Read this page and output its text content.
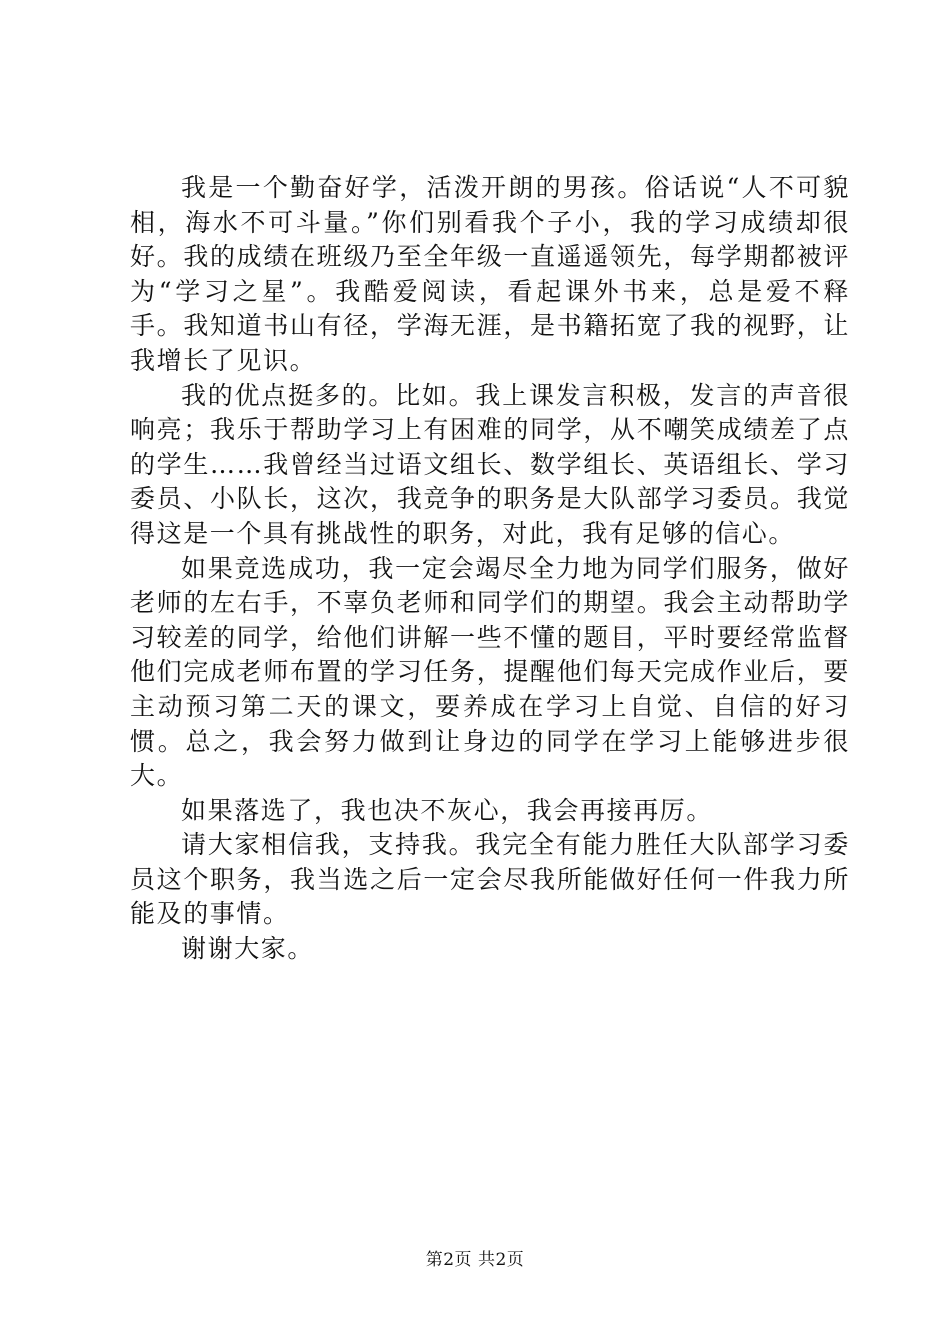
我是一个勤奋好学，活泼开朗的男孩。俗话说“人不可貌相，海水不可斗量。”你们别看我个子小，我的学习成绩却很好。我的成绩在班级乃至全年级一直遥遥领先，每学期都被评为“学习之星”。我酷爱阅读，看起课外书来，总是爱不释手。我知道书山有径，学海无涯，是书籍拓宽了我的视野，让我增长了见识。

我的优点挺多的。比如。我上课发言积极，发言的声音很响亮；我乐于帮助学习上有困难的同学，从不嘲笑成绩差了点的学生……我曾经当过语文组长、数学组长、英语组长、学习委员、小队长，这次，我竞争的职务是大队部学习委员。我觉得这是一个具有挑战性的职务，对此，我有足够的信心。

如果竞选成功，我一定会竭尽全力地为同学们服务，做好老师的左右手，不辜负老师和同学们的期望。我会主动帮助学习较差的同学，给他们讲解一些不懂的题目，平时要经常监督他们完成老师布置的学习任务，提醒他们每天完成作业后，要主动预习第二天的课文，要养成在学习上自觉、自信的好习惯。总之，我会努力做到让身边的同学在学习上能够进步很大。

如果落选了，我也决不灰心，我会再接再厉。

请大家相信我，支持我。我完全有能力胜任大队部学习委员这个职务，我当选之后一定会尽我所能做好任何一件我力所能及的事情。

谢谢大家。

第2页 共2页
